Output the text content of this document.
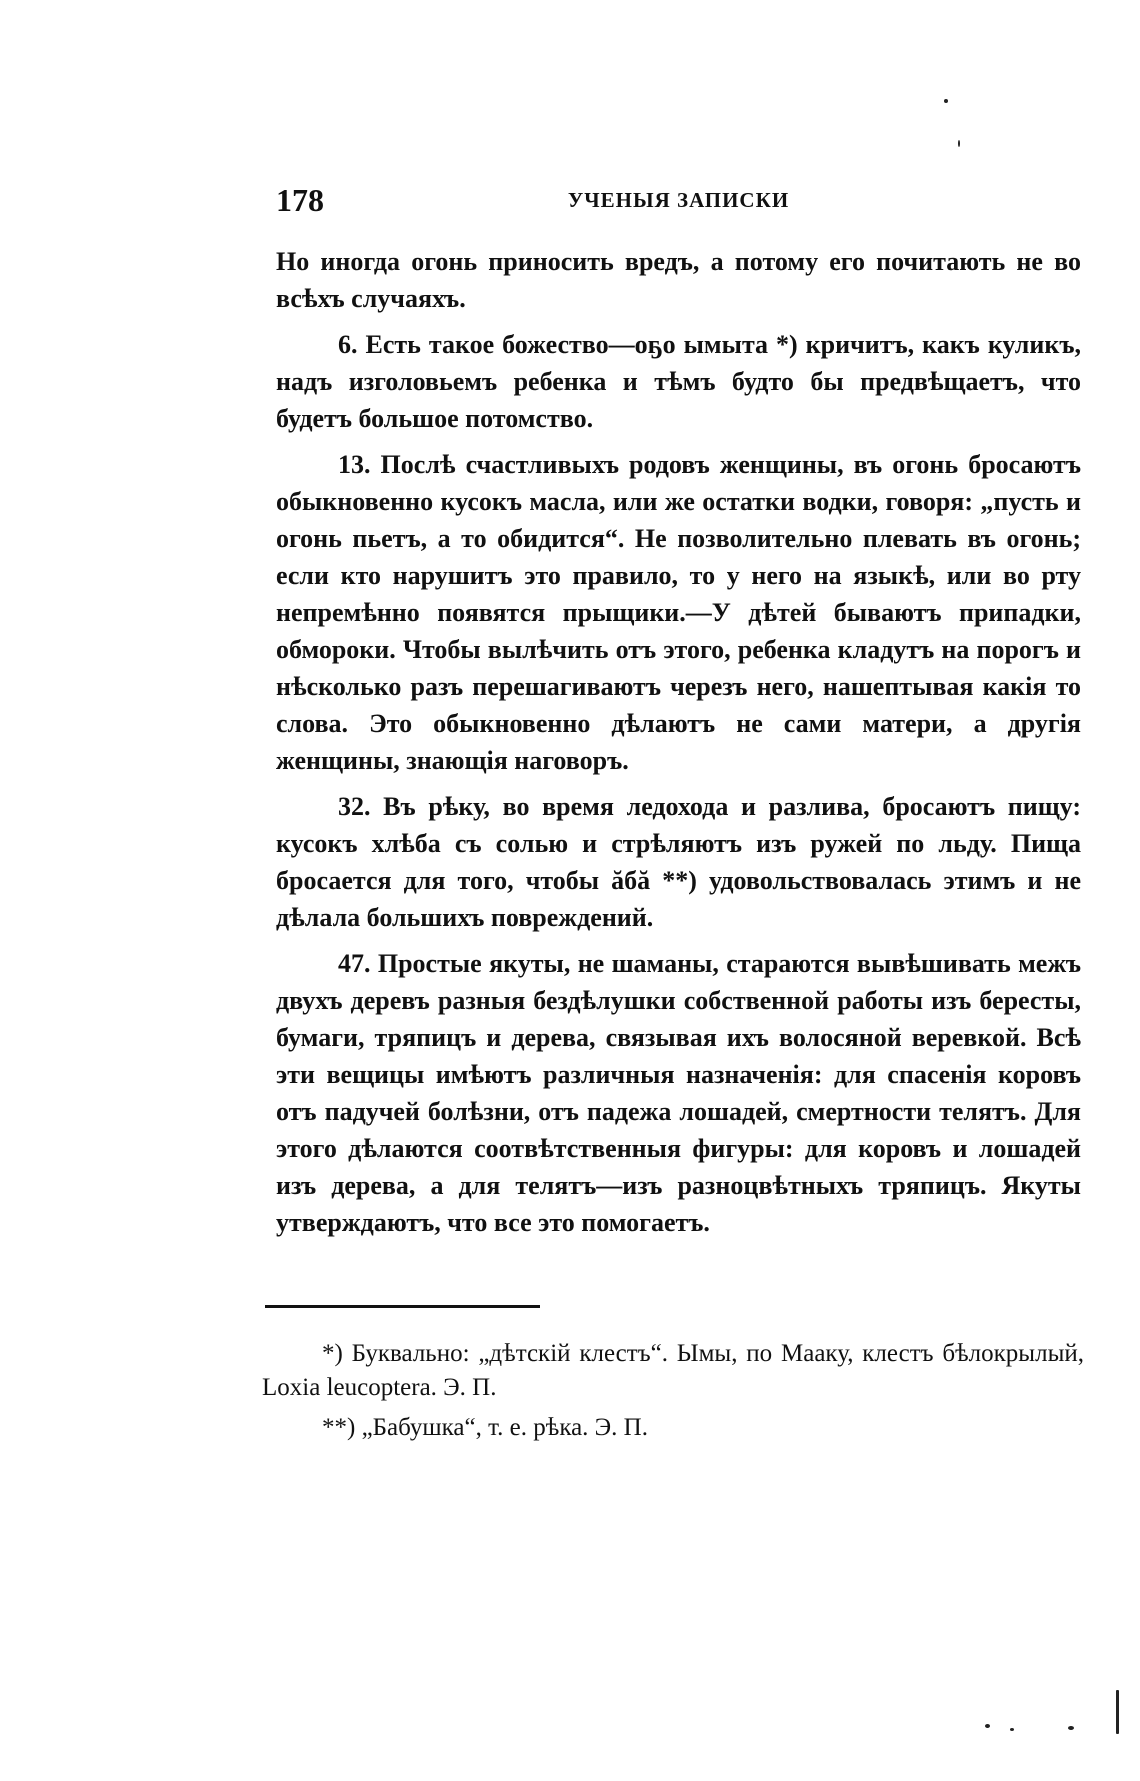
178	УЧЕНЫЯ ЗАПИСКИ

Но иногда огонь приносить вредъ, а потому его почитають не во всѣхъ случаяхъ.

6. Есть такое божество—оҕо ымыта *) кричитъ, какъ куликъ, надъ изголовьемъ ребенка и тѣмъ будто бы предвѣщаетъ, что будетъ большое потомство.

13. Послѣ счастливыхъ родовъ женщины, въ огонь бросаютъ обыкновенно кусокъ масла, или же остатки водки, говоря: „пусть и огонь пьетъ, а то обидится“. Не позволительно плевать въ огонь; если кто нарушитъ это правило, то у него на языкѣ, или во рту непремѣнно появятся прыщики.—У дѣтей бываютъ припадки, обмороки. Чтобы вылѣчить отъ этого, ребенка кладутъ на порогъ и нѣсколько разъ перешагиваютъ черезъ него, нашептывая какія то слова. Это обыкновенно дѣлаютъ не сами матери, а другія женщины, знающія наговоръ.

32. Въ рѣку, во время ледохода и разлива, бросаютъ пищу: кусокъ хлѣба съ солью и стрѣляютъ изъ ружей по льду. Пища бросается для того, чтобы ăбă **) удовольствовалась этимъ и не дѣлала большихъ повреждений.

47. Простые якуты, не шаманы, стараются вывѣшивать межъ двухъ деревъ разныя бездѣлушки собственной работы изъ бересты, бумаги, тряпицъ и дерева, связывая ихъ волосяной веревкой. Всѣ эти вещицы имѣютъ различныя назначенія: для спасенія коровъ отъ падучей болѣзни, отъ падежа лошадей, смертности телятъ. Для этого дѣлаются соотвѣтственныя фигуры: для коровъ и лошадей изъ дерева, а для телятъ—изъ разноцвѣтныхъ тряпицъ. Якуты утверждаютъ, что все это помогаетъ.

*) Буквально: „дѣтскій клестъ“. Ымы, по Мааку, клестъ бѣлокрылый, Loxia leucoptera. Э. П.

**) „Бабушка“, т. е. рѣка. Э. П.
